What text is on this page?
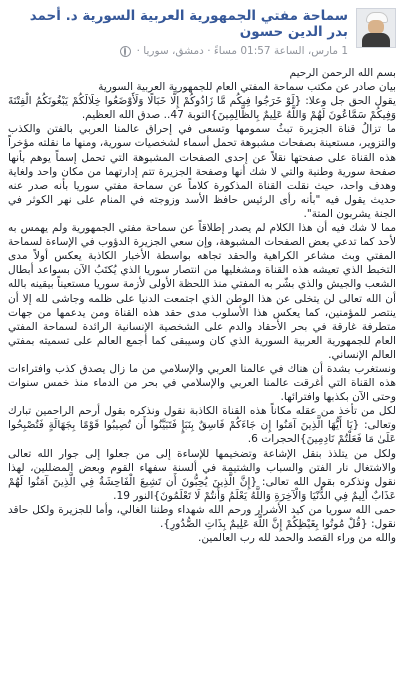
سماحة مفتي الجمهورية العربية السورية د. أحمد بدر الدين حسون
1 مارس، الساعة 01:57 مساءً · دمشق، سوريا ·

بسم الله الرحمن الرحيم

بيان صادر عن مكتب سماحة المفتي العام للجمهورية العربية السورية

يقول الحق جل وعلا: {لَوْ خَرَجُوا فِيكُم مَّا زَادُوكُمْ إِلَّا خَبَالًا وَلَأَوْضَعُوا خِلَالَكُمْ يَبْغُونَكُمُ الْفِتْنَةَ وَفِيكُمْ سَمَّاعُونَ لَهُمْ وَاللَّهُ عَلِيمٌ بِالظَّالِمِينَ}التوبة 47.. صدق الله العظيم.

ما تزالُ قناة الجزيرة تبثُ سمومها وتسعى في إحراق عالمنا العربي بالفتن والكذب والتزوير، مستعينة بصفحات مشبوهة تحمل أسماء لشخصيات سورية، ومنها ما نقلته مؤخراً هذه القناة على صفحتها نقلاً عن إحدى الصفحات المشبوهة التي تحمل إسماً يوهم بأنها صفحة سورية وطنية والتي لا شك أنها وصفحة الجزيرة تتم إدارتهما من مكان واحد ولغاية وهدف واحد، حيث نقلت القناة المذكورة كلاماً عن سماحة مفتي سوريا بأنه صدر عنه حديث يقول فيه "بأنه رأى الرئيس حافظ الأسد وزوجته في المنام على نهر الكوثر في الجنة يشربون المتة".

مما لا شك فيه أن هذا الكلام لم يصدر إطلاقاً عن سماحة مفتي الجمهورية ولم يهمس به لأحد كما تدعي بعض الصفحات المشبوهة، وإن سعي الجزيرة الدؤوب في الإساءة لسماحة المفتي وبث مشاعر الكراهية والحقد تجاهه بواسطة الأخبار الكاذبة يعكس أولاً مدى التخبط الذي تعيشه هذه القناة ومشغليها من انتصار سوريا الذي يُكتَبُ الآن بسواعد أبطال الشعب والجيش والذي بشّر به المفتي منذ اللحظة الأولى لأزمة سوريا مستعيناً بيقينه بالله أن الله تعالى لن يتخلى عن هذا الوطن الذي اجتمعت الدنيا على ظلمه وجاشى لله إلا أن ينتصر للمؤمنين، كما يعكس هذا الأسلوب مدى حقد هذه القناة ومن يدعمها من جهات متطرفة غارقة في بحر الأحقاد والدم على الشخصية الإنسانية الرائدة لسماحة المفتي العام للجمهورية العربية السورية الذي كان وسيبقى كما أجمع العالم على تسميته بمفتي العالم الإنساني.

ونستغرب بشدة أن هناك في عالمنا العربي والإسلامي من ما زال يصدق كذب وافتراءات هذه القناة التي أغرقت عالمنا العربي والإسلامي في بحر من الدماء منذ خمس سنوات وحتى الآن بكذبها وافترائها.

لكل من تأخذ من عقله مكاناً هذه القناة الكاذبة نقول ونذكره بقول أرحم الراحمين تبارك وتعالى: {يَا أَيُّهَا الَّذِينَ آمَنُوا إِن جَاءَكُمْ فَاسِقٌ بِنَبَإٍ فَتَبَيَّنُوا أَن تُصِيبُوا قَوْمًا بِجَهَالَةٍ فَتُصْبِحُوا عَلَىٰ مَا فَعَلْتُمْ نَادِمِينَ}الحجرات 6.

ولكل من يتلذذ بنقل الإشاعة وتضخيمها للإساءة إلى من جعلوا إلى جوار الله تعالى والاشتغال نار الفتن والسباب والشتيمة في ألسنة سفهاء القوم وبعض المضللين، لهذا نقول ونذكره بقول الله تعالى: {إِنَّ الَّذِينَ يُحِبُّونَ أَن تَشِيعَ الْفَاحِشَةُ فِي الَّذِينَ آمَنُوا لَهُمْ عَذَابٌ أَلِيمٌ فِي الدُّنْيَا وَالْآخِرَةِ وَاللَّهُ يَعْلَمُ وَأَنتُمْ لَا تَعْلَمُونَ}النور 19.

حمى الله سوريا من كيد الأشرار ورحم الله شهداء وطننا الغالي، وأما للجزيرة ولكل حاقد نقول: {قُلْ مُوتُوا بِغَيْظِكُمْ إِنَّ اللَّهَ عَلِيمٌ بِذَاتِ الصُّدُورِ}.

والله من وراء القصد والحمد لله رب العالمين.
